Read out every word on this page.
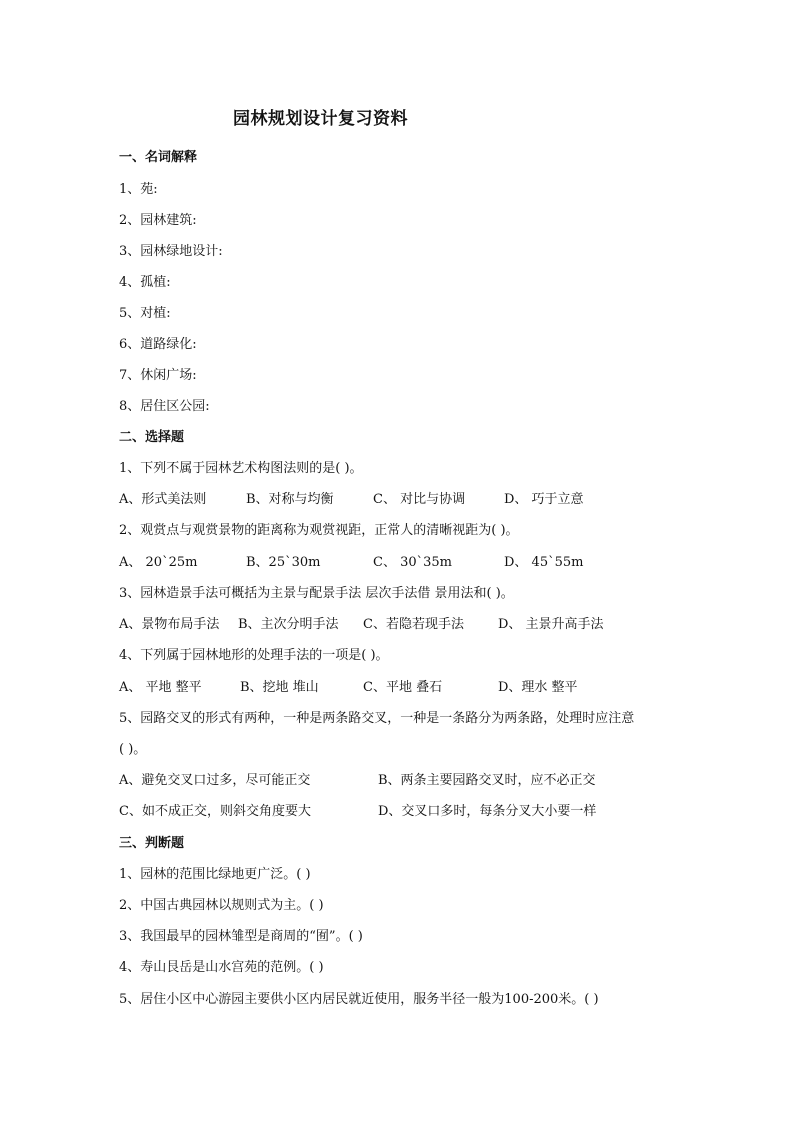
园林规划设计复习资料
一、名词解释
1、苑:
2、园林建筑:
3、园林绿地设计:
4、孤植:
5、对植:
6、道路绿化:
7、休闲广场:
8、居住区公园:
二、选择题
1、下列不属于园林艺术构图法则的是( )。
A、形式美法则	B、对称与均衡	C、 对比与协调	D、 巧于立意
2、观赏点与观赏景物的距离称为观赏视距，正常人的清晰视距为( )。
A、 20`25m	B、25`30m	C、 30`35m	D、 45`55m
3、园林造景手法可概括为主景与配景手法 层次手法借 景用法和( )。
A、景物布局手法 B、主次分明手法 C、若隐若现手法	D、 主景升高手法
4、下列属于园林地形的处理手法的一项是( )。
A、 平地 整平	B、挖地 堆山	C、平地 叠石	D、理水 整平
5、园路交叉的形式有两种，一种是两条路交叉，一种是一条路分为两条路，处理时应注意
( )。
A、避免交叉口过多，尽可能正交	B、两条主要园路交叉时，应不必正交
C、如不成正交，则斜交角度要大	D、交叉口多时，每条分叉大小要一样
三、判断题
1、园林的范围比绿地更广泛。( )
2、中国古典园林以规则式为主。( )
3、我国最早的园林雏型是商周的“囿”。( )
4、寿山艮岳是山水宫苑的范例。( )
5、居住小区中心游园主要供小区内居民就近使用，服务半径一般为100-200米。( )
